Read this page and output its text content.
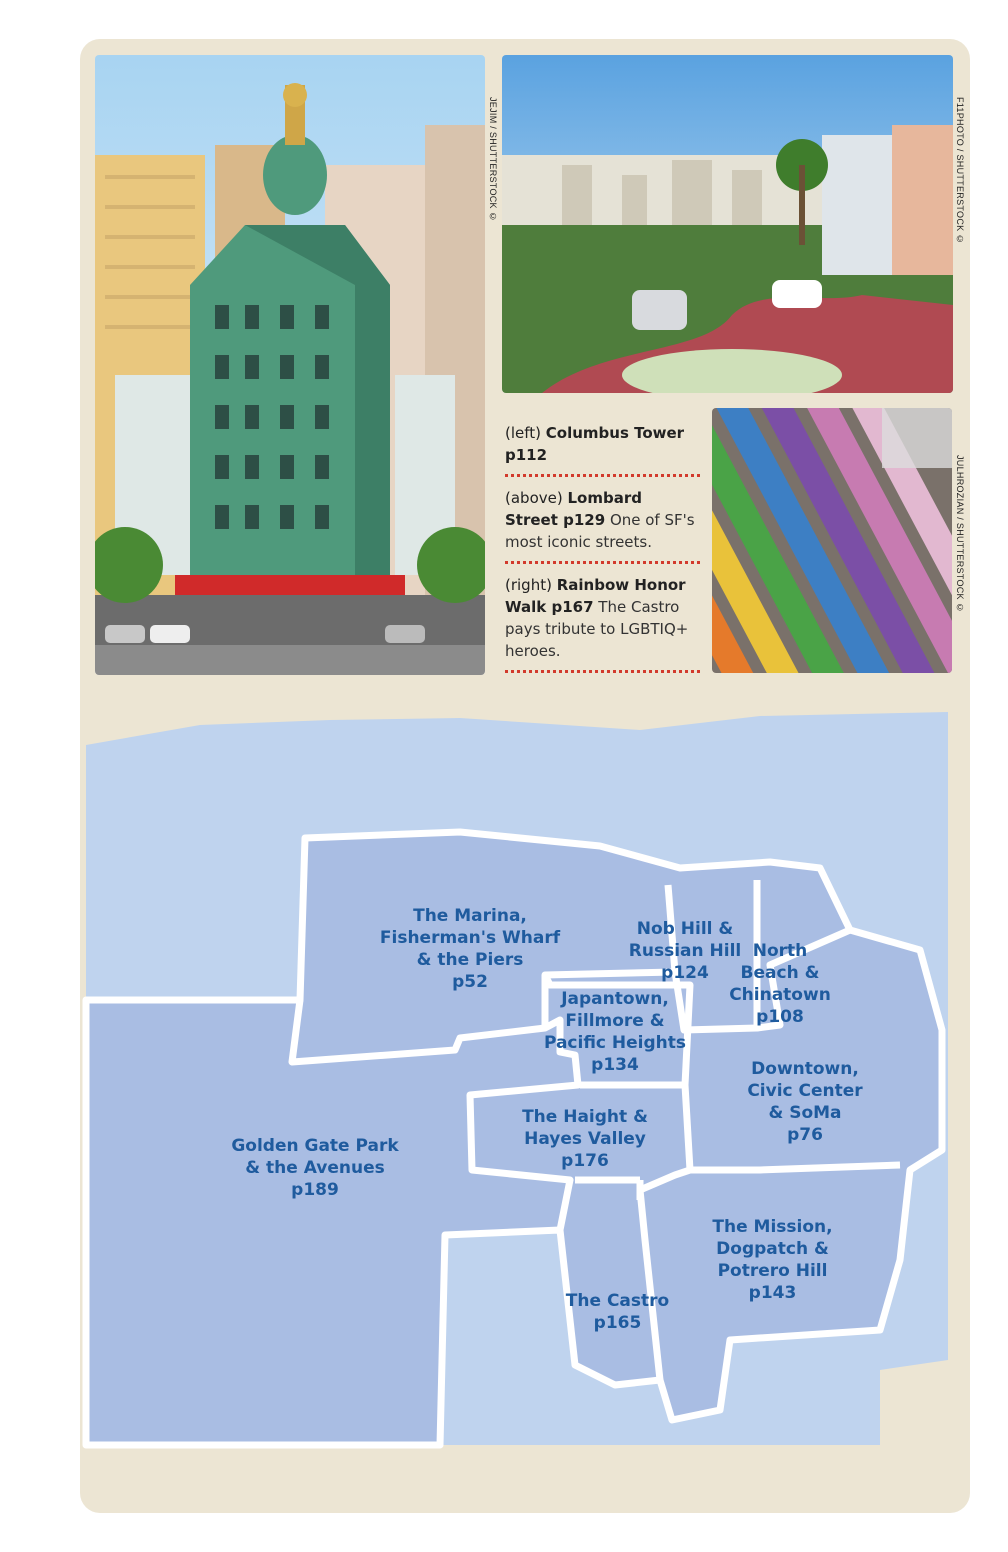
JEJIM / SHUTTERSTOCK ©	F11PHOTO / SHUTTERSTOCK ©
JULHROZIAN / SHUTTERSTOCK ©
(left) Columbus Tower p112
(above) Lombard Street p129 One of SF's most iconic streets.
(right) Rainbow Honor Walk p167 The Castro pays tribute to LGBTIQ+ heroes.
The Marina,
Fisherman's Wharf
& the Piers
p52
Nob Hill &
Russian Hill
p124
North
Beach &
Chinatown
p108
Japantown,
Fillmore &
Pacific Heights
p134	Downtown,
Civic Center
& SoMa
p76
The Haight &
Hayes Valley
p176
Golden Gate Park
& the Avenues
p189
The Mission,
Dogpatch &
Potrero Hill
p143
The Castro
p165
